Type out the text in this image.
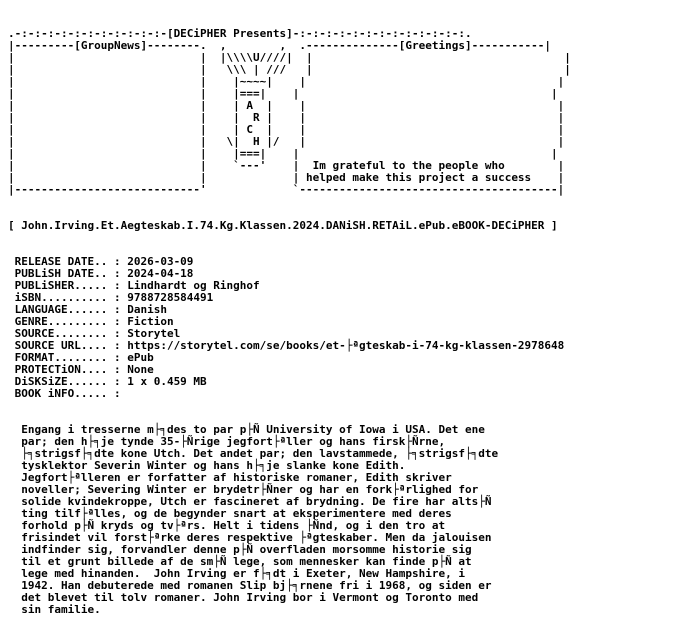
.-:-:-:-:-:-:-:-:-:-:-:-[DECiPHER Presents]-:-:-:-:-:-:-:-:-:-:-:-:-:.
|---------[GroupNews]--------.  ,        ,  .--------------[Greetings]-----------|
|                            |  |\\\\U////|  |                                      |
|                            |   \\\ | ///   |                                      |
|                            |    |~~~~|    |                                      |
|                            |    |===|    |                                      |
|                            |    | A  |    |                                      |
|                            |    |  R |    |                                      |
|                            |    | C  |    |                                      |
|                            |   \|  H |/   |                                      |
|                            |    |===|    |                                      |
|                            |    `---'    |  Im grateful to the people who        |
|                            |             | helped make this project a success    |
|----------------------------'             `---------------------------------------|

[ John.Irving.Et.Aegteskab.I.74.Kg.Klassen.2024.DANiSH.RETAiL.ePub.eBOOK-DECiPHER ]

RELEASE DATE.. : 2026-03-09
PUBLiSH DATE.. : 2024-04-18
PUBLiSHER..... : Lindhardt og Ringhof
iSBN.......... : 9788728584491
LANGUAGE...... : Danish
GENRE......... : Fiction
SOURCE........ : Storytel
SOURCE URL.... : https://storytel.com/se/books/et-├ªgteskab-i-74-kg-klassen-2978648
FORMAT........ : ePub
PROTECTiON.... : None
DiSKSiZE...... : 1 x 0.459 MB
BOOK iNFO..... :

Engang i tresserne m├╕des to par p├Ñ University of Iowa i USA. Det ene
par; den h├╕je tynde 35-├Ñrige jegfort├ªller og hans firsk├Ñrne,
├╕strigsf├╕dte kone Utch. Det andet par; den lavstammede, ├╕strigsf├╕dte
tysklektor Severin Winter og hans h├╕je slanke kone Edith.
Jegfort├ªlleren er forfatter af historiske romaner, Edith skriver
noveller; Severing Winter er brydetr├Ñner og har en fork├ªrlighed for
solide kvindekroppe, Utch er fascineret af brydning. De fire har alts├Ñ
ting tilf├ªlles, og de begynder snart at eksperimentere med deres
forhold p├Ñ kryds og tv├ªrs. Helt i tidens ├Ñnd, og i den tro at
frisindet vil forst├ªrke deres respektive ├ªgteskaber. Men da jalouisen
indfinder sig, forvandler denne p├Ñ overfladen morsomme historie sig
til et grunt billede af de sm├Ñ lege, som mennesker kan finde p├Ñ at
lege med hinanden.  John Irving er f├╕dt i Exeter, New Hampshire, i
1942. Han debuterede med romanen Slip bj├╕rnene fri i 1968, og siden er
det blevet til tolv romaner. John Irving bor i Vermont og Toronto med
sin familie.
